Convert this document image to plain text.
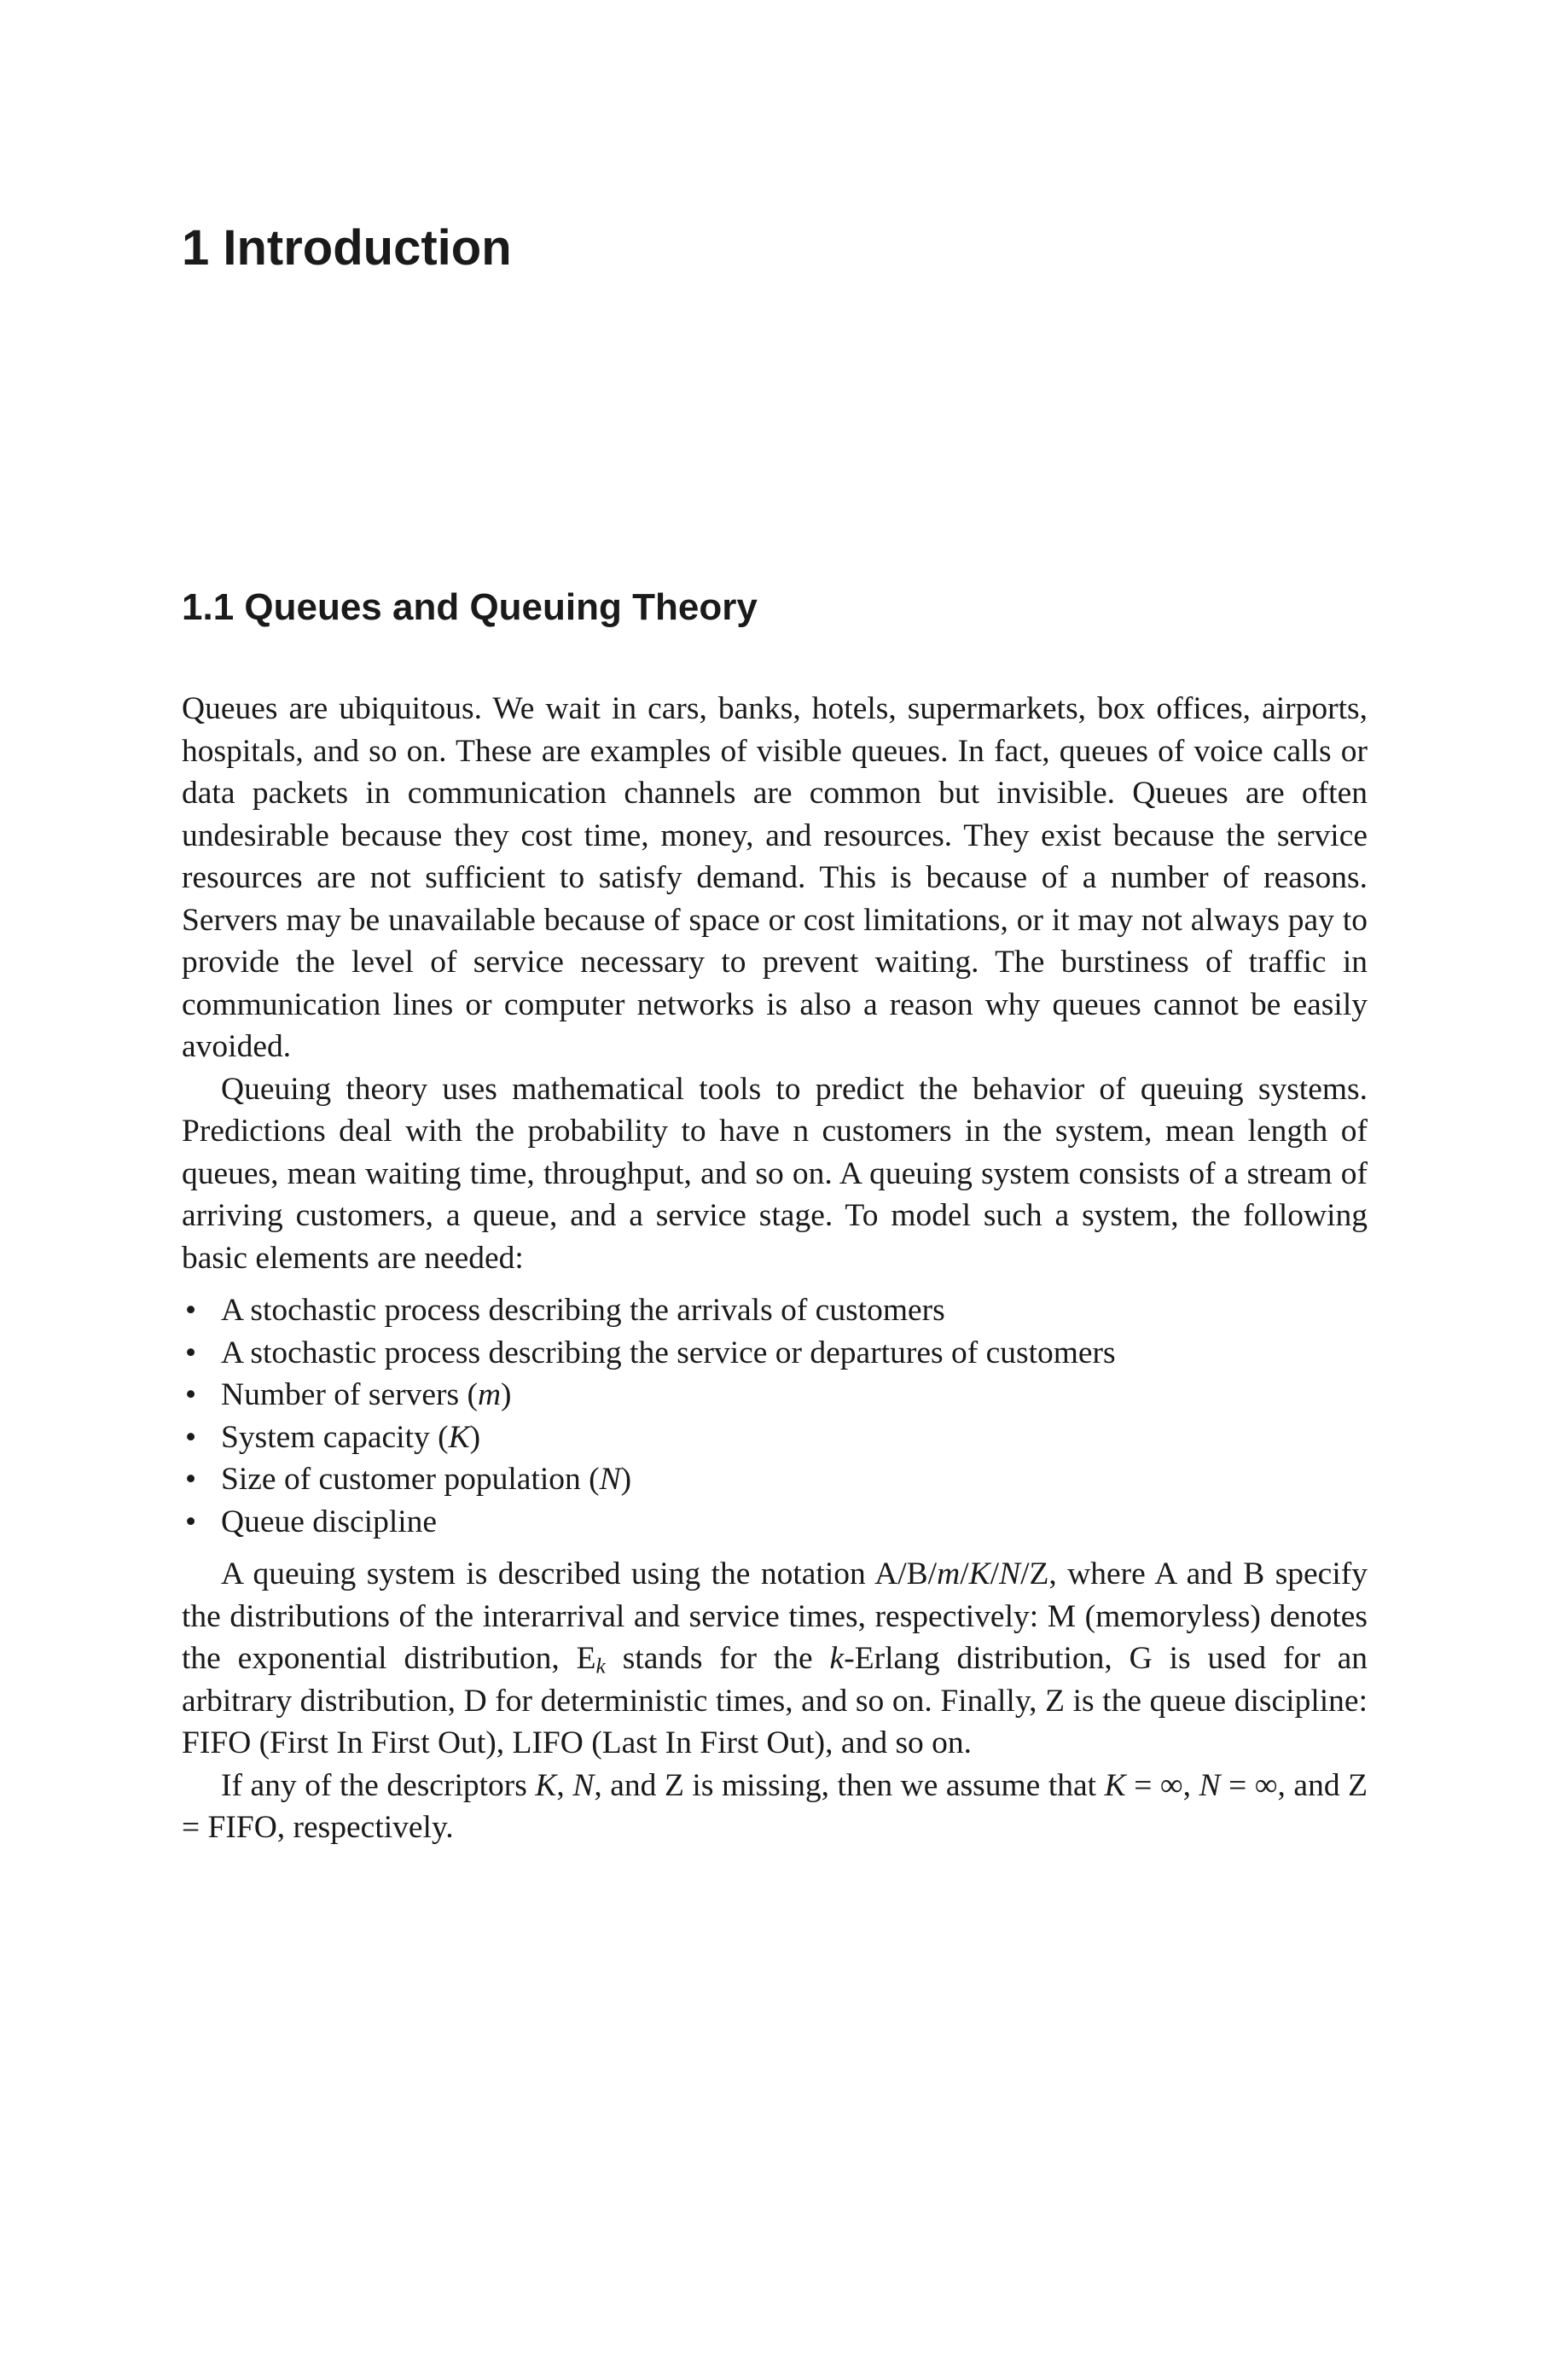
1 Introduction
1.1 Queues and Queuing Theory

Queues are ubiquitous. We wait in cars, banks, hotels, supermarkets, box offices, airports, hospitals, and so on. These are examples of visible queues. In fact, queues of voice calls or data packets in communication channels are common but invisible. Queues are often undesirable because they cost time, money, and resources. They exist because the service resources are not sufficient to satisfy demand. This is because of a number of reasons. Servers may be unavailable because of space or cost limitations, or it may not always pay to provide the level of service necessary to prevent waiting. The burstiness of traffic in communication lines or computer networks is also a reason why queues cannot be easily avoided.

Queuing theory uses mathematical tools to predict the behavior of queuing systems. Predictions deal with the probability to have n customers in the system, mean length of queues, mean waiting time, throughput, and so on. A queuing system consists of a stream of arriving customers, a queue, and a service stage. To model such a system, the following basic elements are needed:

• A stochastic process describing the arrivals of customers
• A stochastic process describing the service or departures of customers
• Number of servers (m)
• System capacity (K)
• Size of customer population (N)
• Queue discipline

A queuing system is described using the notation A/B/m/K/N/Z, where A and B specify the distributions of the interarrival and service times, respectively: M (memoryless) denotes the exponential distribution, $E_k$ stands for the k-Erlang distribution, G is used for an arbitrary distribution, D for deterministic times, and so on. Finally, Z is the queue discipline: FIFO (First In First Out), LIFO (Last In First Out), and so on.

If any of the descriptors K, N, and Z is missing, then we assume that K = ∞, N = ∞, and Z = FIFO, respectively.
